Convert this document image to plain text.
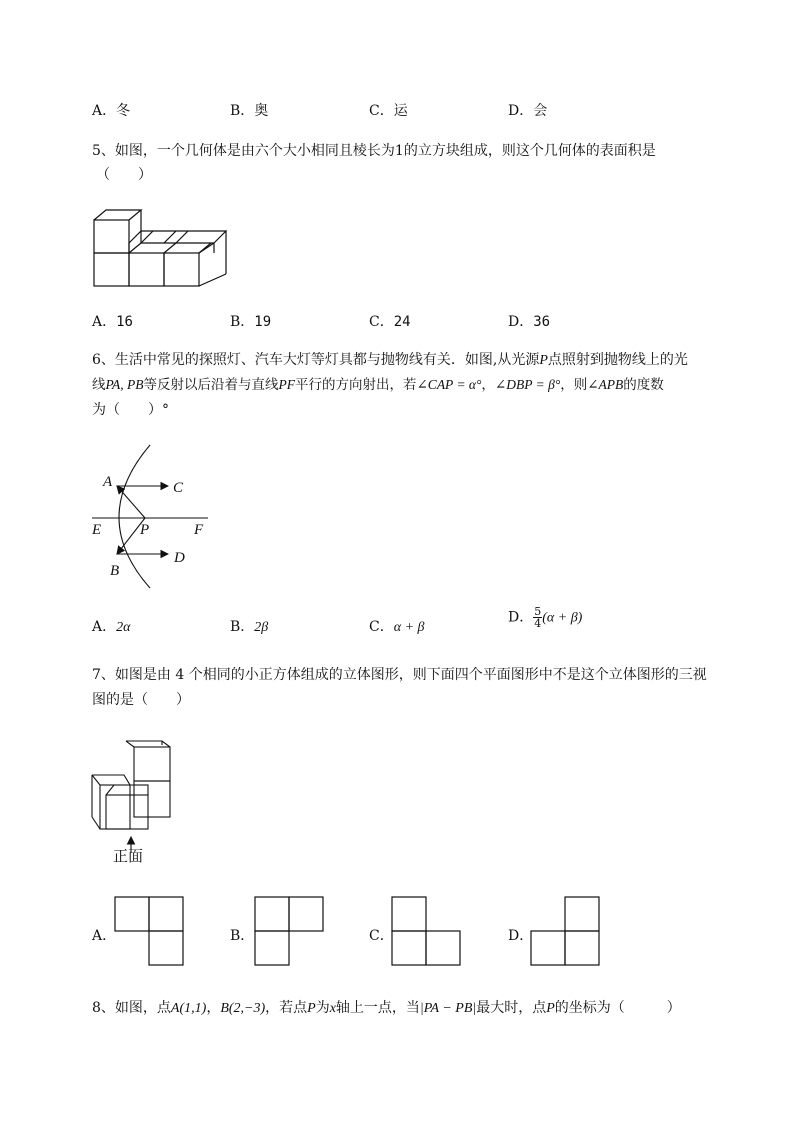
A．冬	B．奥	C．运	D．会
5、如图，一个几何体是由六个大小相同且棱长为1的立方块组成，则这个几何体的表面积是
（　　）
A．16	B．19	C．24	D．36
6、生活中常见的探照灯、汽车大灯等灯具都与抛物线有关．如图,从光源P点照射到抛物线上的光
线PA, PB等反射以后沿着与直线PF平行的方向射出，若∠CAP = α°，∠DBP = β°，则∠APB的度数
为（　　）°
A	C
E	P	F
D
B
A．2α	B．2β	C．α + β
D． $\frac{5}{4} (\alpha + \beta)$
7、如图是由 4 个相同的小正方体组成的立体图形，则下面四个平面图形中不是这个立体图形的三视
图的是（　　）
正面
A．	B．	C．	D．
8、如图，点A(1,1)，B(2,−3)，若点P为x轴上一点，当|PA − PB|最大时，点P的坐标为（　　　）
